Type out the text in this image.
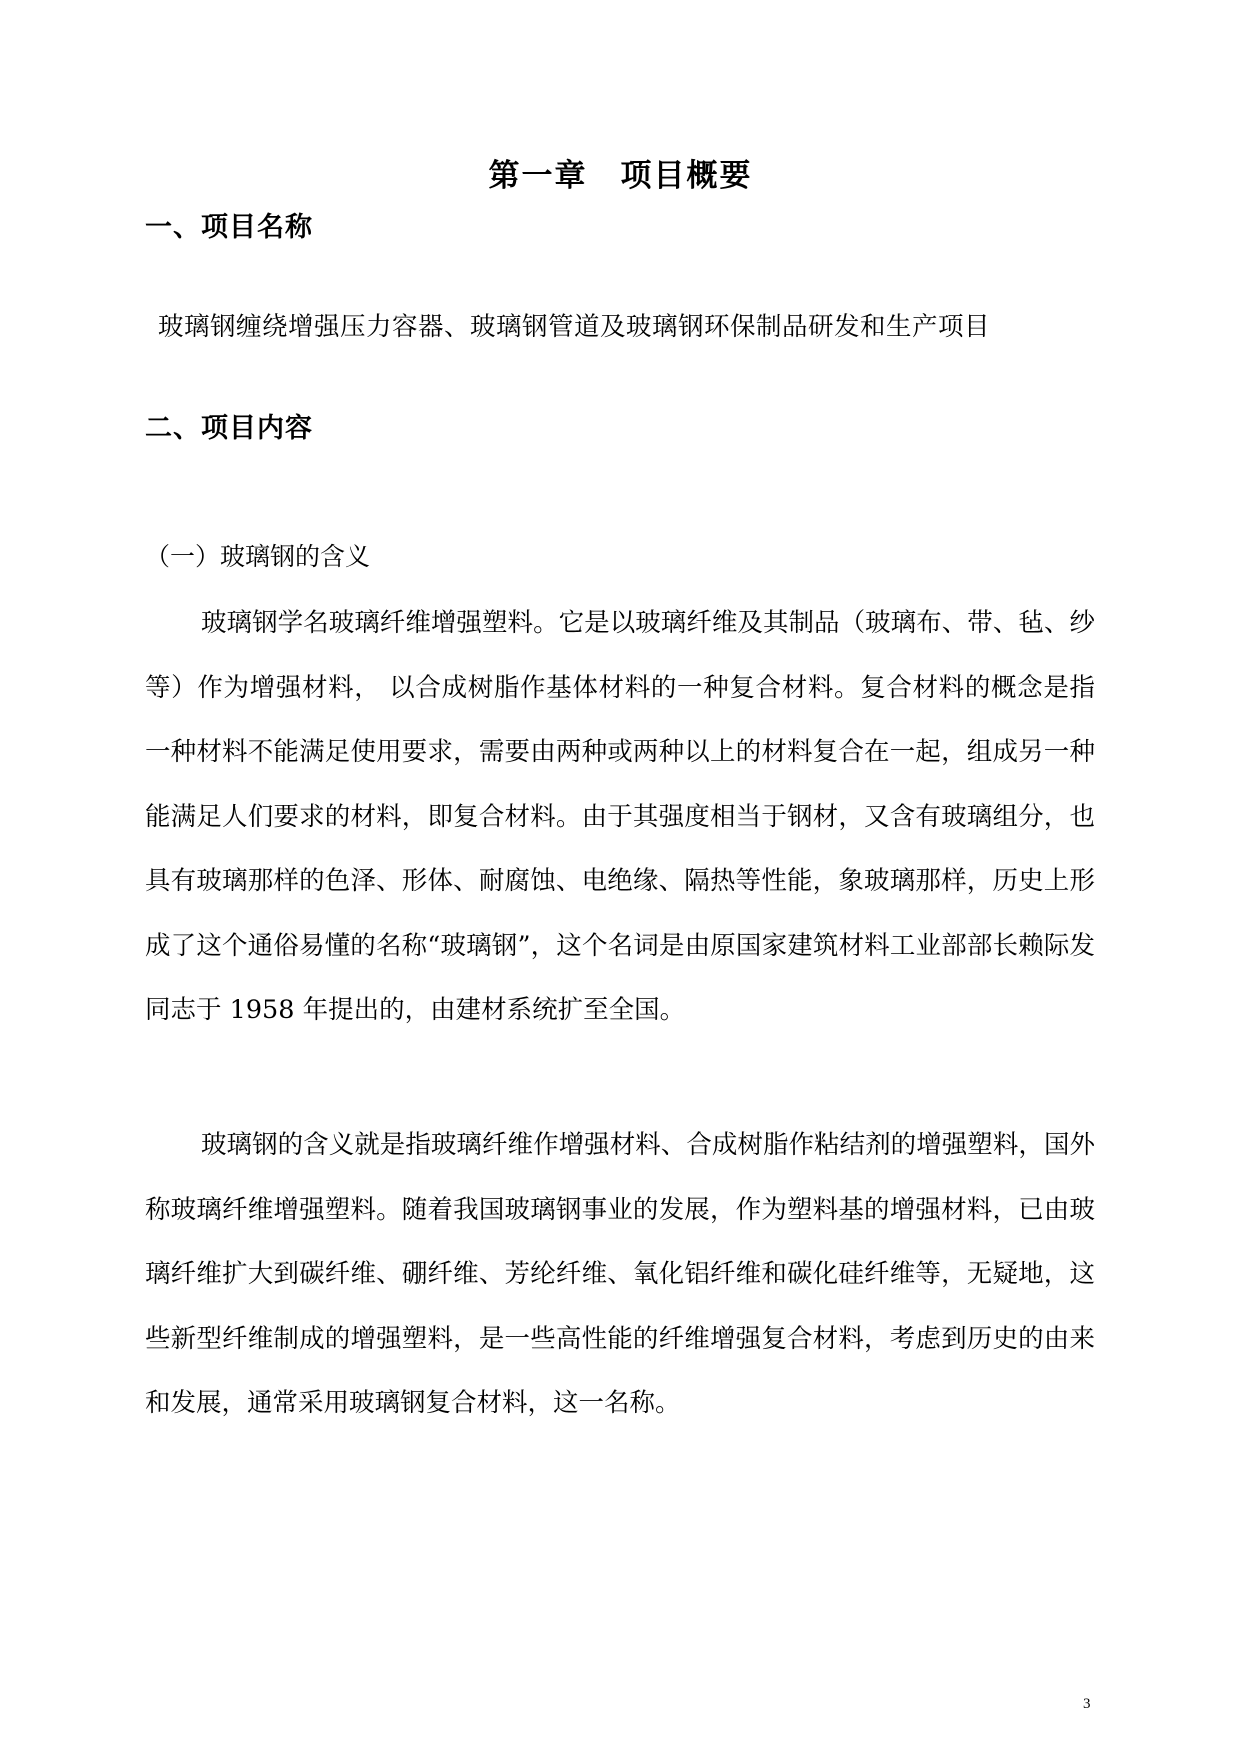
第一章　项目概要
一、项目名称
玻璃钢缠绕增强压力容器、玻璃钢管道及玻璃钢环保制品研发和生产项目
二、项目内容
（一）玻璃钢的含义

玻璃钢学名玻璃纤维增强塑料。它是以玻璃纤维及其制品（玻璃布、带、毡、纱等）作为增强材料， 以合成树脂作基体材料的一种复合材料。复合材料的概念是指一种材料不能满足使用要求，需要由两种或两种以上的材料复合在一起，组成另一种能满足人们要求的材料，即复合材料。由于其强度相当于钢材，又含有玻璃组分，也具有玻璃那样的色泽、形体、耐腐蚀、电绝缘、隔热等性能，象玻璃那样，历史上形成了这个通俗易懂的名称“玻璃钢”，这个名词是由原国家建筑材料工业部部长赖际发同志于 1958 年提出的，由建材系统扩至全国。

玻璃钢的含义就是指玻璃纤维作增强材料、合成树脂作粘结剂的增强塑料，国外称玻璃纤维增强塑料。随着我国玻璃钢事业的发展，作为塑料基的增强材料，已由玻璃纤维扩大到碳纤维、硼纤维、芳纶纤维、氧化铝纤维和碳化硅纤维等，无疑地，这些新型纤维制成的增强塑料，是一些高性能的纤维增强复合材料，考虑到历史的由来和发展，通常采用玻璃钢复合材料，这一名称。

3
